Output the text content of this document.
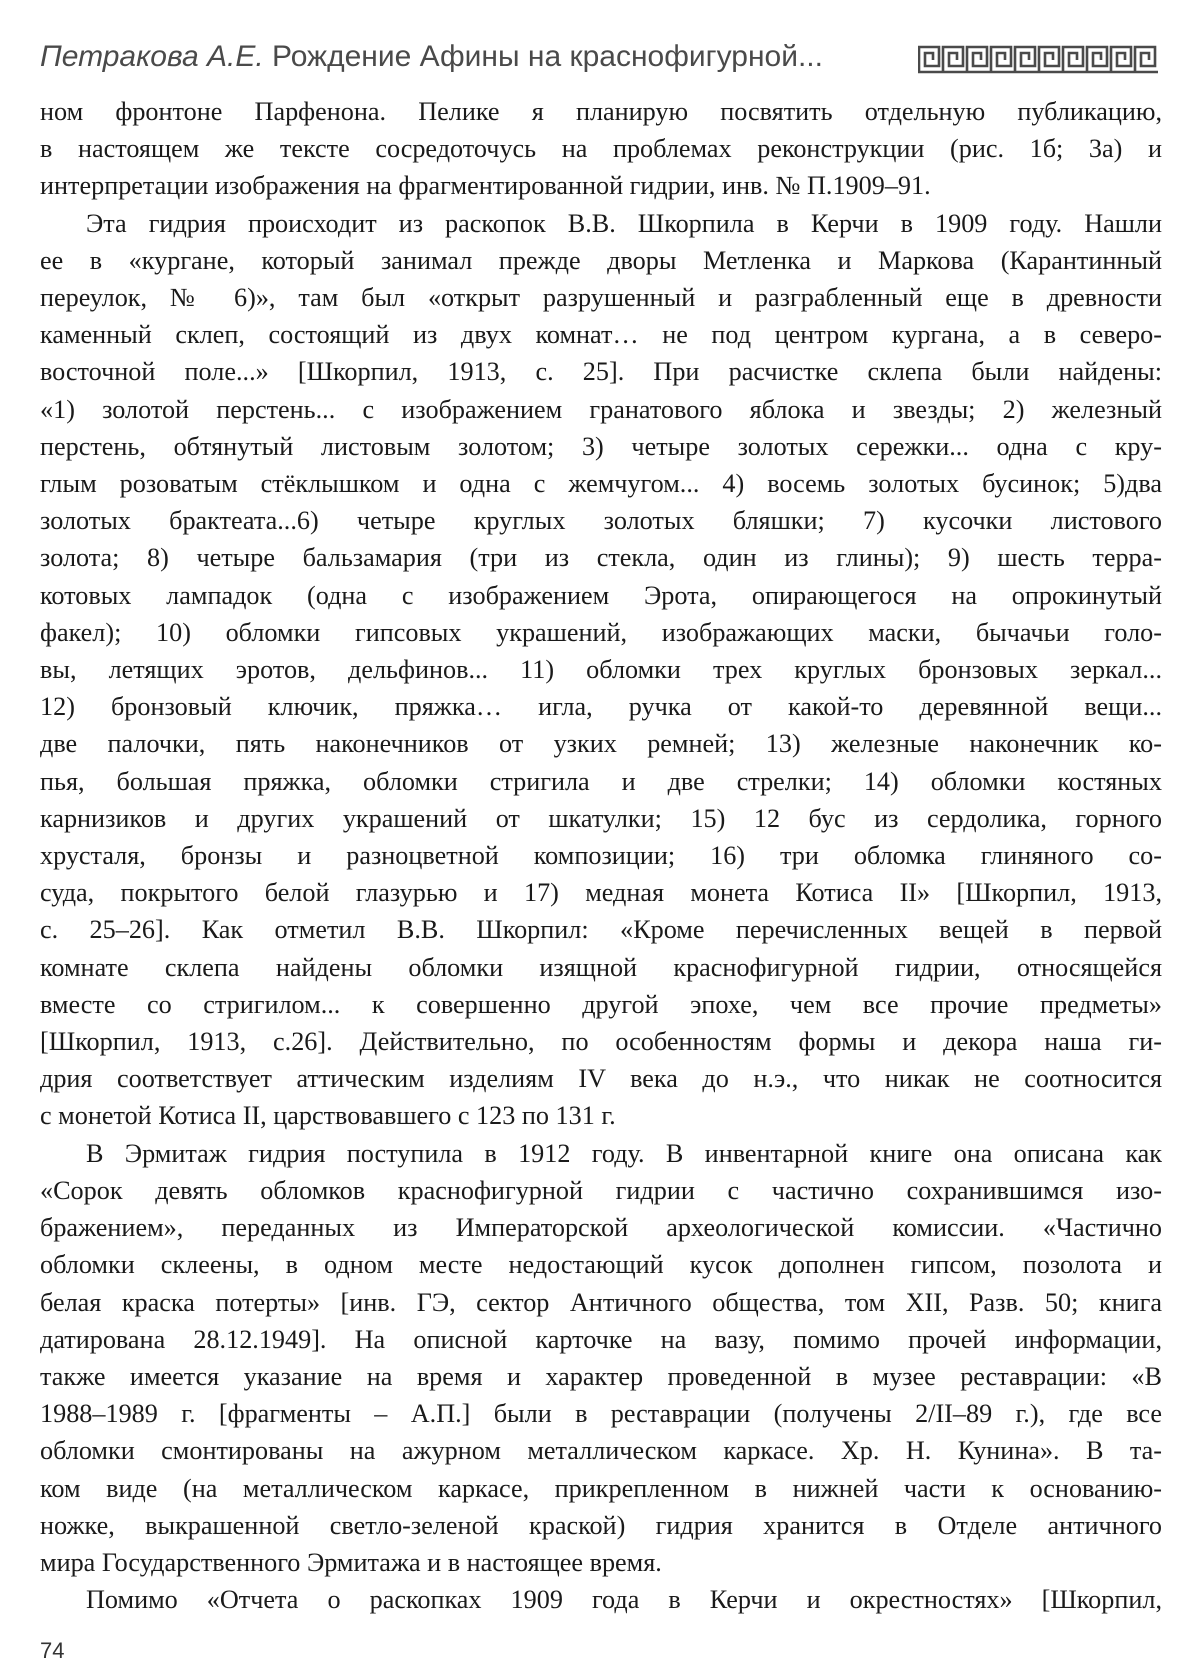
Петракова А.Е. Рождение Афины на краснофигурной...

ном фронтоне Парфенона. Пелике я планирую посвятить отдельную публикацию,

в настоящем же тексте сосредоточусь на проблемах реконструкции (рис. 1б; 3а) и

интерпретации изображения на фрагментированной гидрии, инв. № П.1909–91.

Эта гидрия происходит из раскопок В.В. Шкорпила в Керчи в 1909 году. Нашли

ее в «кургане, который занимал прежде дворы Метленка и Маркова (Карантинный

переулок, № 6)», там был «открыт разрушенный и разграбленный еще в древности

каменный склеп, состоящий из двух комнат… не под центром кургана, а в северо-

восточной поле...» [Шкорпил, 1913, с. 25]. При расчистке склепа были найдены:

«1) золотой перстень... с изображением гранатового яблока и звезды; 2) железный

перстень, обтянутый листовым золотом; 3) четыре золотых сережки... одна с кру-

глым розоватым стёклышком и одна с жемчугом... 4) восемь золотых бусинок; 5)два

золотых брактеата...6) четыре круглых золотых бляшки; 7) кусочки листового

золота; 8) четыре бальзамария (три из стекла, один из глины); 9) шесть терра-

котовых лампадок (одна с изображением Эрота, опирающегося на опрокинутый

факел); 10) обломки гипсовых украшений, изображающих маски, бычачьи голо-

вы, летящих эротов, дельфинов... 11) обломки трех круглых бронзовых зеркал...

12) бронзовый ключик, пряжка… игла, ручка от какой-то деревянной вещи...

две палочки, пять наконечников от узких ремней; 13) железные наконечник ко-

пья, большая пряжка, обломки стригила и две стрелки; 14) обломки костяных

карнизиков и других украшений от шкатулки; 15) 12 бус из сердолика, горного

хрусталя, бронзы и разноцветной композиции; 16) три обломка глиняного со-

суда, покрытого белой глазурью и 17) медная монета Котиса II» [Шкорпил, 1913,

с. 25–26]. Как отметил В.В. Шкорпил: «Кроме перечисленных вещей в первой

комнате склепа найдены обломки изящной краснофигурной гидрии, относящейся

вместе со стригилом... к совершенно другой эпохе, чем все прочие предметы»

[Шкорпил, 1913, с.26]. Действительно, по особенностям формы и декора наша ги-

дрия соответствует аттическим изделиям IV века до н.э., что никак не соотносится

с монетой Котиса II, царствовавшего с 123 по 131 г.

В Эрмитаж гидрия поступила в 1912 году. В инвентарной книге она описана как

«Сорок девять обломков краснофигурной гидрии с частично сохранившимся изо-

бражением», переданных из Императорской археологической комиссии. «Частично

обломки склеены, в одном месте недостающий кусок дополнен гипсом, позолота и

белая краска потерты» [инв. ГЭ, сектор Античного общества, том XII, Разв. 50; книга

датирована 28.12.1949]. На описной карточке на вазу, помимо прочей информации,

также имеется указание на время и характер проведенной в музее реставрации: «В

1988–1989 г. [фрагменты – А.П.] были в реставрации (получены 2/II–89 г.), где все

обломки смонтированы на ажурном металлическом каркасе. Хр. Н. Кунина». В та-

ком виде (на металлическом каркасе, прикрепленном в нижней части к основанию-

ножке, выкрашенной светло-зеленой краской) гидрия хранится в Отделе античного

мира Государственного Эрмитажа и в настоящее время.

Помимо «Отчета о раскопках 1909 года в Керчи и окрестностях» [Шкорпил,

74
